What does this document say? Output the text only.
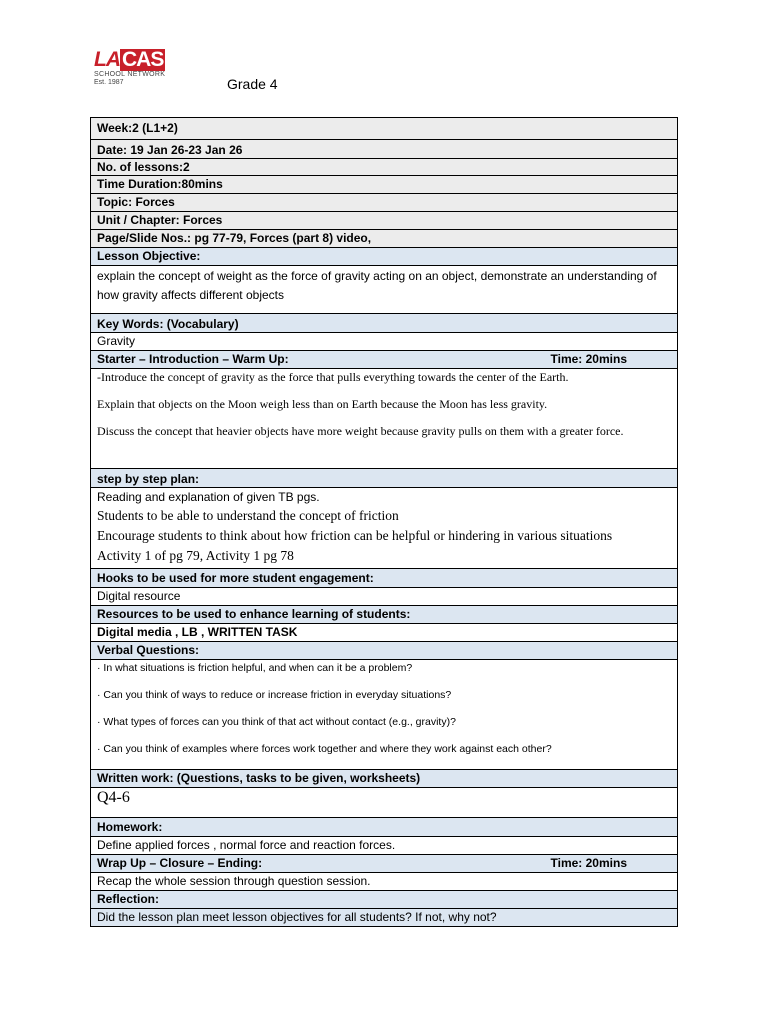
LACAS
SCHOOL NETWORK
Est. 1987	Grade 4
Week:2 (L1+2)
Date: 19 Jan 26-23 Jan 26
No. of lessons:2
Time Duration:80mins
Topic: Forces
Unit / Chapter: Forces
Page/Slide Nos.: pg 77-79, Forces (part 8) video,
Lesson Objective:
explain the concept of weight as the force of gravity acting on an object, demonstrate an understanding of how gravity affects different objects
Key Words: (Vocabulary)
Gravity

Starter – Introduction – Warm Up:	Time: 20mins

-Introduce the concept of gravity as the force that pulls everything towards the center of the Earth.

Explain that objects on the Moon weigh less than on Earth because the Moon has less gravity.

Discuss the concept that heavier objects have more weight because gravity pulls on them with a greater force.

step by step plan:

Reading and explanation of given TB pgs.
Students to be able to understand the concept of friction
Encourage students to think about how friction can be helpful or hindering in various situations
Activity 1 of pg 79, Activity 1 pg 78

Hooks to be used for more student engagement:
Digital resource
Resources to be used to enhance learning of students:
Digital media , LB , WRITTEN TASK
Verbal Questions:

· In what situations is friction helpful, and when can it be a problem?
· Can you think of ways to reduce or increase friction in everyday situations?
· What types of forces can you think of that act without contact (e.g., gravity)?
· Can you think of examples where forces work together and where they work against each other?

Written work: (Questions, tasks to be given, worksheets)
Q4-6
Homework:
Define applied forces , normal force and reaction forces.

Wrap Up – Closure – Ending:	Time: 20mins

Recap the whole session through question session.
Reflection:
Did the lesson plan meet lesson objectives for all students? If not, why not?
